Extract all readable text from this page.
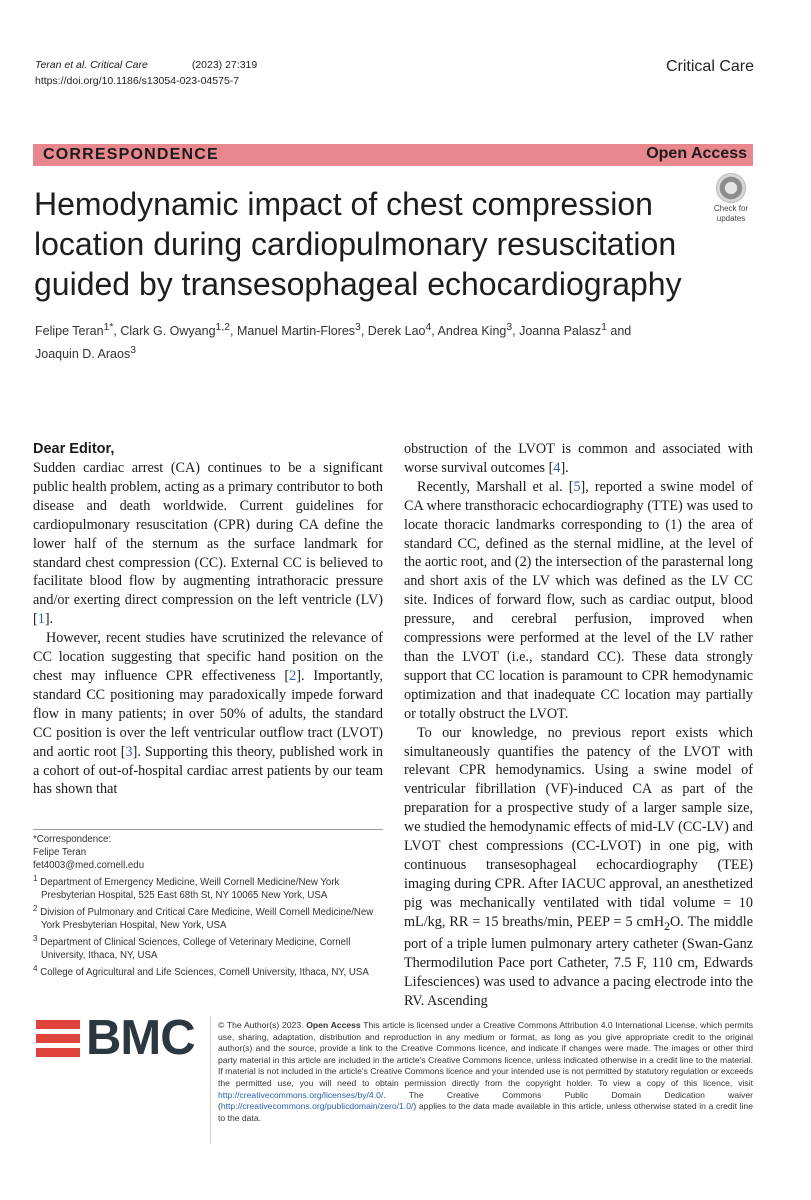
Teran et al. Critical Care	(2023) 27:319
https://doi.org/10.1186/s13054-023-04575-7
Critical Care
CORRESPONDENCE	Open Access
Check for
updates
Hemodynamic impact of chest compression location during cardiopulmonary resuscitation guided by transesophageal echocardiography
Felipe Teran$^{1*}$, Clark G. Owyang$^{1,2}$, Manuel Martin-Flores$^3$, Derek Lao$^4$, Andrea King$^3$, Joanna Palasz$^1$ and
Joaquin D. Araos$^3$
Dear Editor,

Sudden cardiac arrest (CA) continues to be a significant public health problem, acting as a primary contributor to both disease and death worldwide. Current guidelines for cardiopulmonary resuscitation (CPR) during CA define the lower half of the sternum as the surface landmark for standard chest compression (CC). External CC is believed to facilitate blood flow by augmenting intrathoracic pressure and/or exerting direct compression on the left ventricle (LV) [1].

However, recent studies have scrutinized the relevance of CC location suggesting that specific hand position on the chest may influence CPR effectiveness [2]. Importantly, standard CC positioning may paradoxically impede forward flow in many patients; in over 50% of adults, the standard CC position is over the left ventricular outflow tract (LVOT) and aortic root [3]. Supporting this theory, published work in a cohort of out-of-hospital cardiac arrest patients by our team has shown that

obstruction of the LVOT is common and associated with worse survival outcomes [4].

Recently, Marshall et al. [5], reported a swine model of CA where transthoracic echocardiography (TTE) was used to locate thoracic landmarks corresponding to (1) the area of standard CC, defined as the sternal midline, at the level of the aortic root, and (2) the intersection of the parasternal long and short axis of the LV which was defined as the LV CC site. Indices of forward flow, such as cardiac output, blood pressure, and cerebral perfusion, improved when compressions were performed at the level of the LV rather than the LVOT (i.e., standard CC). These data strongly support that CC location is paramount to CPR hemodynamic optimization and that inadequate CC location may partially or totally obstruct the LVOT.

To our knowledge, no previous report exists which simultaneously quantifies the patency of the LVOT with relevant CPR hemodynamics. Using a swine model of ventricular fibrillation (VF)-induced CA as part of the preparation for a prospective study of a larger sample size, we studied the hemodynamic effects of mid-LV (CC-LV) and LVOT chest compressions (CC-LVOT) in one pig, with continuous transesophageal echocardiography (TEE) imaging during CPR. After IACUC approval, an anesthetized pig was mechanically ventilated with tidal volume = 10 mL/kg, RR = 15 breaths/min, PEEP = 5 cmH$_2$O. The middle port of a triple lumen pulmonary artery catheter (Swan-Ganz Thermodilution Pace port Catheter, 7.5 F, 110 cm, Edwards Lifesciences) was used to advance a pacing electrode into the RV. Ascending

*Correspondence:
Felipe Teran
fet4003@med.cornell.edu
$^1$ Department of Emergency Medicine, Weill Cornell Medicine/New York Presbyterian Hospital, 525 East 68th St, NY 10065 New York, USA
$^2$ Division of Pulmonary and Critical Care Medicine, Weill Cornell Medicine/New York Presbyterian Hospital, New York, USA
$^3$ Department of Clinical Sciences, College of Veterinary Medicine, Cornell University, Ithaca, NY, USA
$^4$ College of Agricultural and Life Sciences, Cornell University, Ithaca, NY, USA
BMC	© The Author(s) 2023. Open Access This article is licensed under a Creative Commons Attribution 4.0 International License, which permits use, sharing, adaptation, distribution and reproduction in any medium or format, as long as you give appropriate credit to the original author(s) and the source, provide a link to the Creative Commons licence, and indicate if changes were made. The images or other third party material in this article are included in the article's Creative Commons licence, unless indicated otherwise in a credit line to the material. If material is not included in the article's Creative Commons licence and your intended use is not permitted by statutory regulation or exceeds the permitted use, you will need to obtain permission directly from the copyright holder. To view a copy of this licence, visit http://creativecommons.org/licenses/by/4.0/. The Creative Commons Public Domain Dedication waiver (http://creativecommons.org/publicdomain/zero/1.0/) applies to the data made available in this article, unless otherwise stated in a credit line to the data.
